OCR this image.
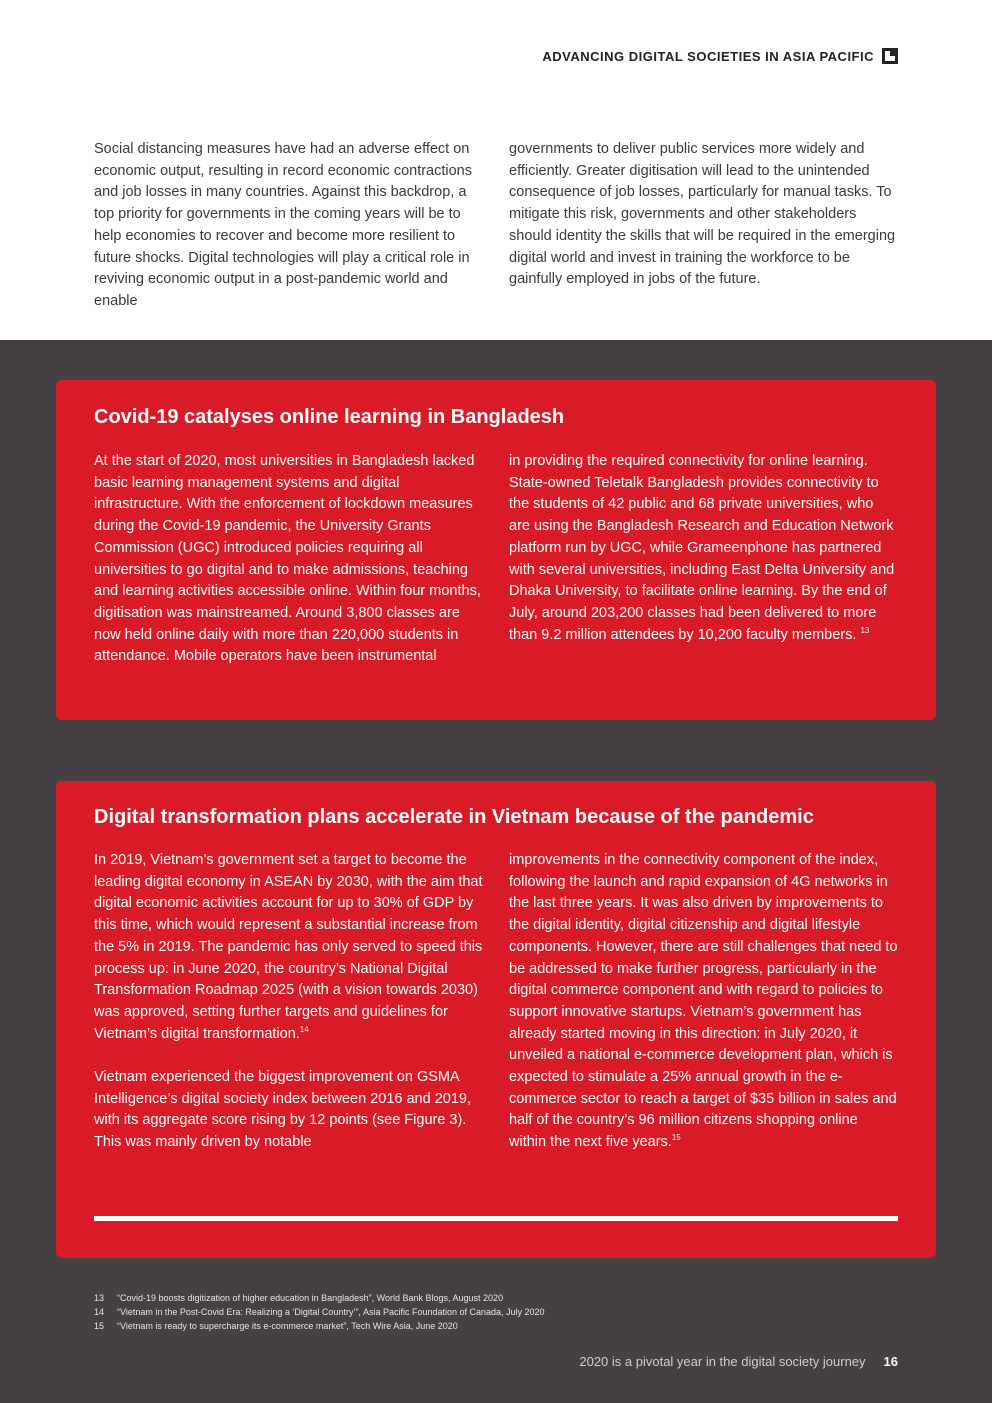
ADVANCING DIGITAL SOCIETIES IN ASIA PACIFIC

Social distancing measures have had an adverse effect on economic output, resulting in record economic contractions and job losses in many countries. Against this backdrop, a top priority for governments in the coming years will be to help economies to recover and become more resilient to future shocks. Digital technologies will play a critical role in reviving economic output in a post-pandemic world and enable

governments to deliver public services more widely and efficiently. Greater digitisation will lead to the unintended consequence of job losses, particularly for manual tasks. To mitigate this risk, governments and other stakeholders should identity the skills that will be required in the emerging digital world and invest in training the workforce to be gainfully employed in jobs of the future.

Covid-19 catalyses online learning in Bangladesh

At the start of 2020, most universities in Bangladesh lacked basic learning management systems and digital infrastructure. With the enforcement of lockdown measures during the Covid-19 pandemic, the University Grants Commission (UGC) introduced policies requiring all universities to go digital and to make admissions, teaching and learning activities accessible online. Within four months, digitisation was mainstreamed. Around 3,800 classes are now held online daily with more than 220,000 students in attendance. Mobile operators have been instrumental

in providing the required connectivity for online learning. State-owned Teletalk Bangladesh provides connectivity to the students of 42 public and 68 private universities, who are using the Bangladesh Research and Education Network platform run by UGC, while Grameenphone has partnered with several universities, including East Delta University and Dhaka University, to facilitate online learning. By the end of July, around 203,200 classes had been delivered to more than 9.2 million attendees by 10,200 faculty members. $^{13}$

Digital transformation plans accelerate in Vietnam because of the pandemic

In 2019, Vietnam’s government set a target to become the leading digital economy in ASEAN by 2030, with the aim that digital economic activities account for up to 30% of GDP by this time, which would represent a substantial increase from the 5% in 2019. The pandemic has only served to speed this process up: in June 2020, the country’s National Digital Transformation Roadmap 2025 (with a vision towards 2030) was approved, setting further targets and guidelines for Vietnam’s digital transformation.$^{14}$

Vietnam experienced the biggest improvement on GSMA Intelligence’s digital society index between 2016 and 2019, with its aggregate score rising by 12 points (see Figure 3). This was mainly driven by notable

improvements in the connectivity component of the index, following the launch and rapid expansion of 4G networks in the last three years. It was also driven by improvements to the digital identity, digital citizenship and digital lifestyle components. However, there are still challenges that need to be addressed to make further progress, particularly in the digital commerce component and with regard to policies to support innovative startups. Vietnam’s government has already started moving in this direction: in July 2020, it unveiled a national e-commerce development plan, which is expected to stimulate a 25% annual growth in the e-commerce sector to reach a target of $35 billion in sales and half of the country’s 96 million citizens shopping online within the next five years.$^{15}$

13	“Covid-19 boosts digitization of higher education in Bangladesh”, World Bank Blogs, August 2020
14	“Vietnam in the Post-Covid Era: Realizing a ‘Digital Country’”, Asia Pacific Foundation of Canada, July 2020
15	“Vietnam is ready to supercharge its e-commerce market”, Tech Wire Asia, June 2020
2020 is a pivotal year in the digital society journey 16
